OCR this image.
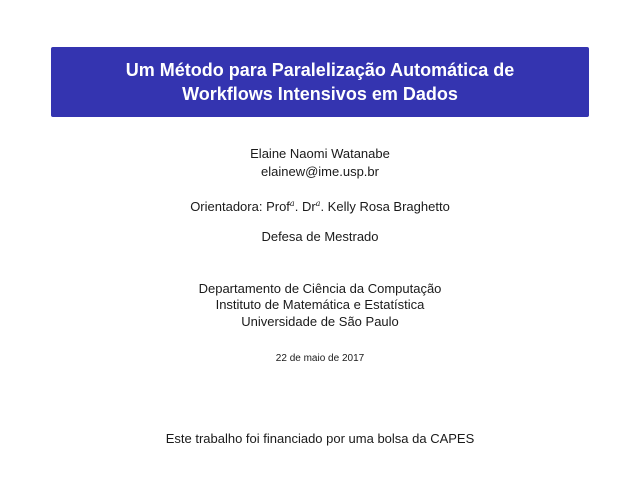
Um Método para Paralelização Automática de
Workflows Intensivos em Dados
Elaine Naomi Watanabe
elainew@ime.usp.br
Orientadora: Prof$^a$. Dr$^a$. Kelly Rosa Braghetto
Defesa de Mestrado
Departamento de Ciência da Computação
Instituto de Matemática e Estatística
Universidade de São Paulo
22 de maio de 2017
Este trabalho foi financiado por uma bolsa da CAPES
